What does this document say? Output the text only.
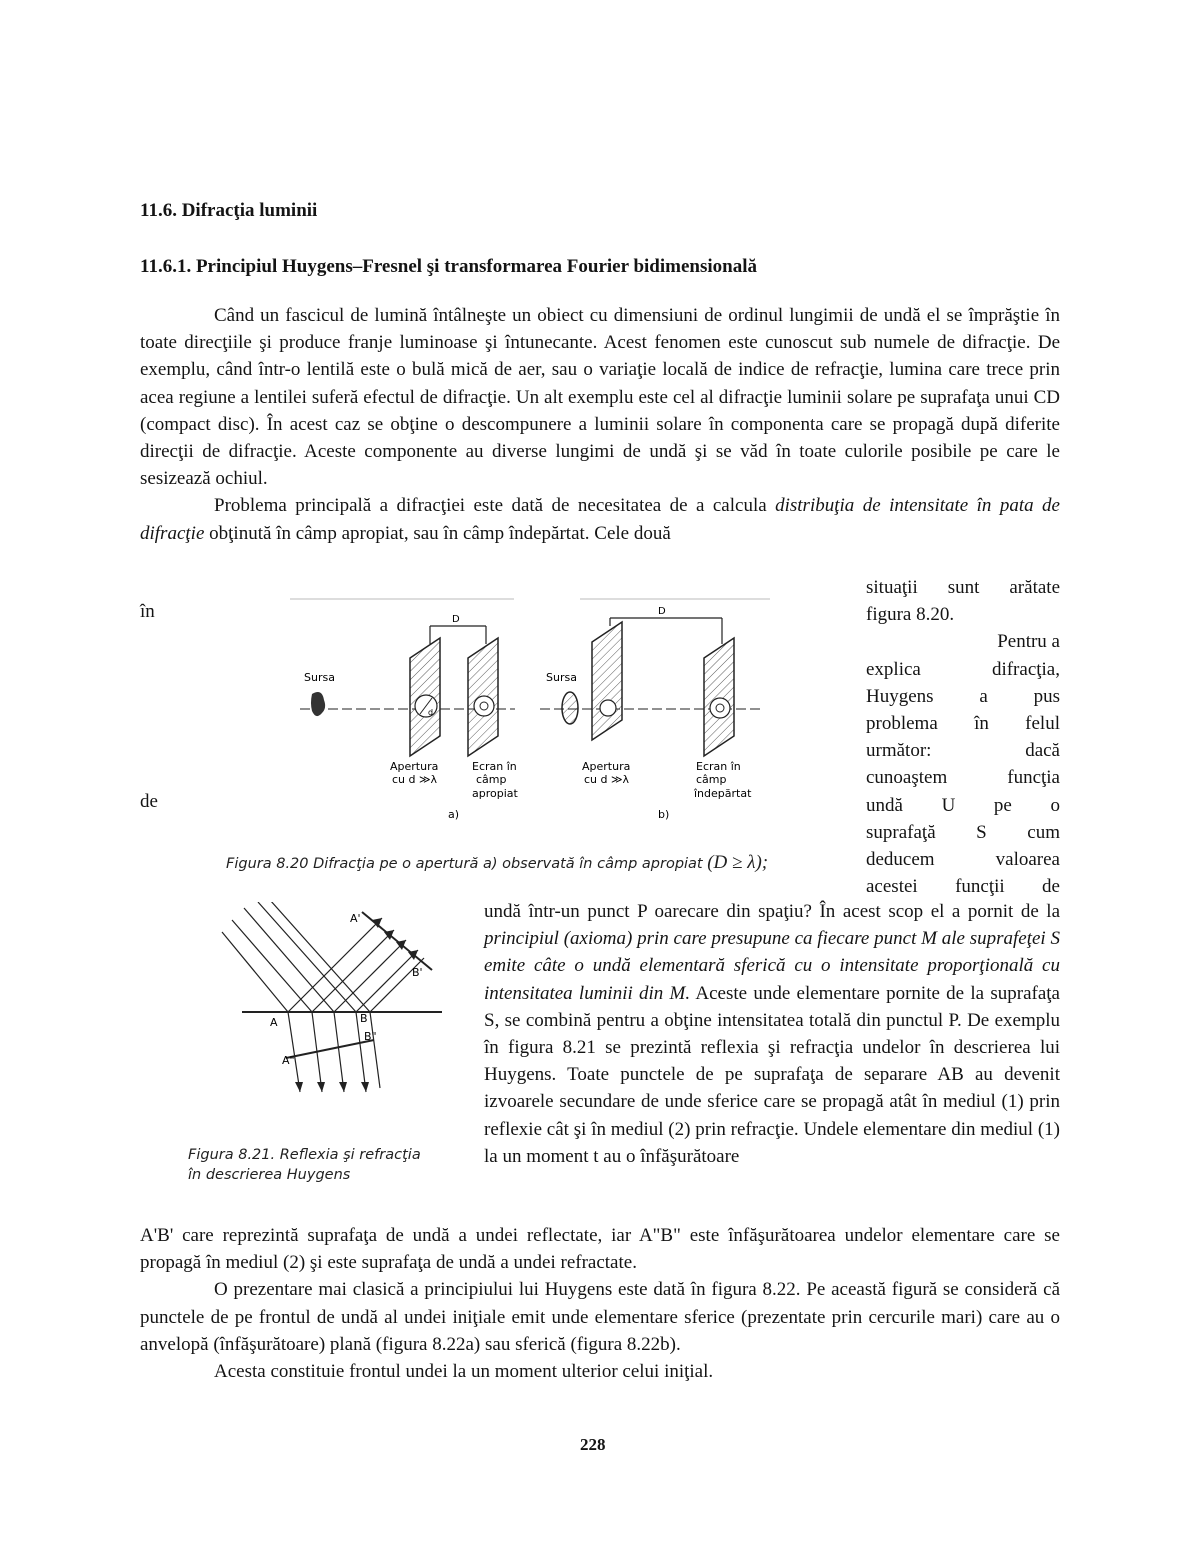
11.6. Difracţia luminii
11.6.1. Principiul Huygens–Fresnel şi transformarea Fourier bidimensională

Când un fascicul de lumină întâlneşte un obiect cu dimensiuni de ordinul lungimii de undă el se împrăştie în toate direcţiile şi produce franje luminoase şi întunecante. Acest fenomen este cunoscut sub numele de difracţie. De exemplu, când într-o lentilă este o bulă mică de aer, sau o variaţie locală de indice de refracţie, lumina care trece prin acea regiune a lentilei suferă efectul de difracţie. Un alt exemplu este cel al difracţie luminii solare pe suprafaţa unui CD (compact disc). În acest caz se obţine o descompunere a luminii solare în componenta care se propagă după diferite direcţii de difracţie. Aceste componente au diverse lungimi de undă şi se văd în toate culorile posibile pe care le sesizează ochiul.

Problema principală a difracţiei este dată de necesitatea de a calcula distribuţia de intensitate în pata de difracţie obţinută în câmp apropiat, sau în câmp îndepărtat. Cele două

situaţii sunt arătate
figura 8.20.
Pentru a
explica difracţia,
Huygens a pus
problema în felul
următor: dacă
cunoaştem funcţia
undă U pe o
suprafaţă S cum
deducem valoarea
acestei funcţii de
în
de
Sursa
d
D
Apertura
cu d ≫λ
Ecran în
câmp
apropiat
a)
Sursa
D
Apertura
cu d ≫λ
Ecran în
câmp
îndepărtat
b)
Figura 8.20 Difracţia pe o apertură a) observată în câmp apropiat (D ≥ λ);
A'
B'
A	B
A"
B"
Figura 8.21. Reflexia şi refracţia
în descrierea Huygens

undă într-un punct P oarecare din spaţiu? În acest scop el a pornit de la principiul (axioma) prin care presupune ca fiecare punct M ale suprafeţei S emite câte o undă elementară sferică cu o intensitate proporţională cu intensitatea luminii din M. Aceste unde elementare pornite de la suprafaţa S, se combină pentru a obţine intensitatea totală din punctul P. De exemplu în figura 8.21 se prezintă reflexia şi refracţia undelor în descrierea lui Huygens. Toate punctele de pe suprafaţa de separare AB au devenit izvoarele secundare de unde sferice care se propagă atât în mediul (1) prin reflexie cât şi în mediul (2) prin refracţie. Undele elementare din mediul (1) la un moment t au o înfăşurătoare

A'B' care reprezintă suprafaţa de undă a undei reflectate, iar A"B" este înfăşurătoarea undelor elementare care se propagă în mediul (2) şi este suprafaţa de undă a undei refractate.

O prezentare mai clasică a principiului lui Huygens este dată în figura 8.22. Pe această figură se consideră că punctele de pe frontul de undă al undei iniţiale emit unde elementare sferice (prezentate prin cercurile mari) care au o anvelopă (înfăşurătoare) plană (figura 8.22a) sau sferică (figura 8.22b).

Acesta constituie frontul undei la un moment ulterior celui iniţial.

228
